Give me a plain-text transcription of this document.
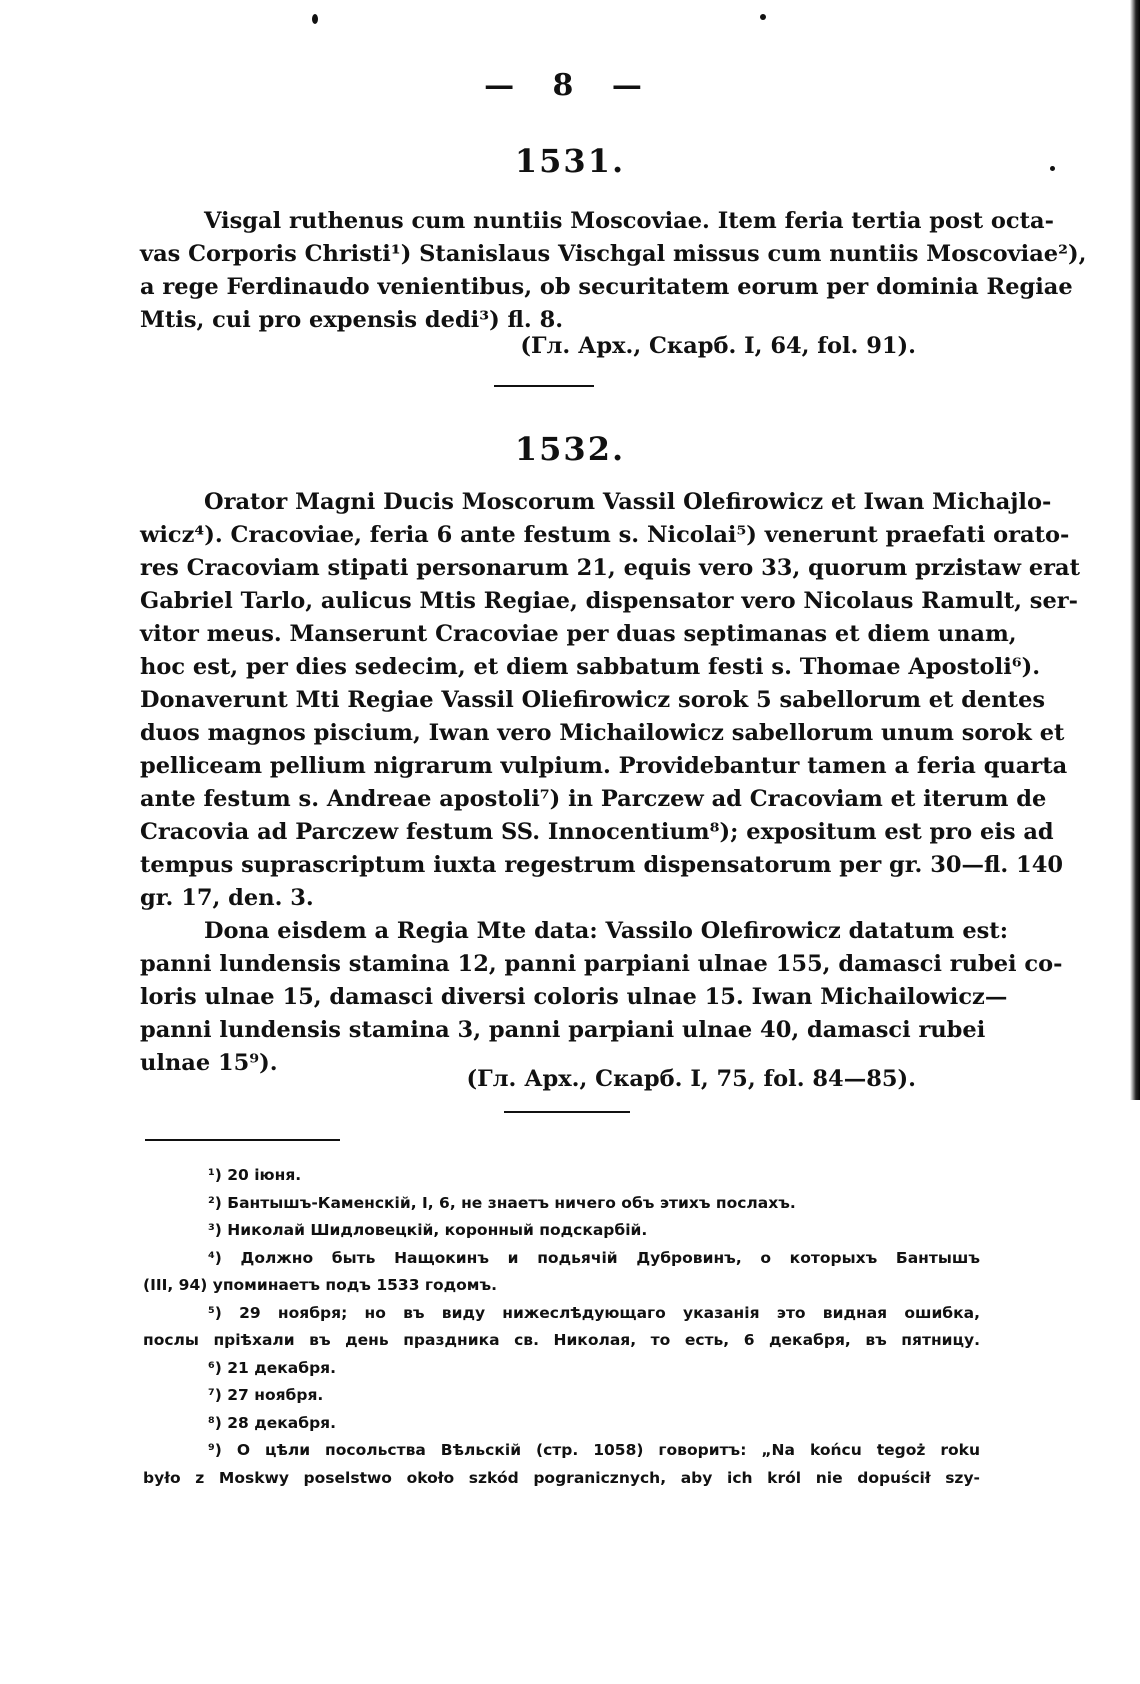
— 8 —
1531.
Visgal ruthenus cum nuntiis Moscoviae. Item feria tertia post octa-
vas Corporis Christi¹) Stanislaus Vischgal missus cum nuntiis Moscoviae²),
a rege Ferdinaudo venientibus, ob securitatem eorum per dominia Regiae
Mtis, cui pro expensis dedi³) fl. 8.
(Гл. Арх., Скарб. I, 64, fol. 91).
1532.
Orator Magni Ducis Moscorum Vassil Olefirowicz et Iwan Michajlo-
wicz⁴). Cracoviae, feria 6 ante festum s. Nicolai⁵) venerunt praefati orato-
res Cracoviam stipati personarum 21, equis vero 33, quorum przistaw erat
Gabriel Tarlo, aulicus Mtis Regiae, dispensator vero Nicolaus Ramult, ser-
vitor meus. Manserunt Cracoviae per duas septimanas et diem unam,
hoc est, per dies sedecim, et diem sabbatum festi s. Thomae Apostoli⁶).
Donaverunt Mti Regiae Vassil Oliefirowicz sorok 5 sabellorum et dentes
duos magnos piscium, Iwan vero Michailowicz sabellorum unum sorok et
pelliceam pellium nigrarum vulpium. Providebantur tamen a feria quarta
ante festum s. Andreae apostoli⁷) in Parczew ad Cracoviam et iterum de
Cracovia ad Parczew festum SS. Innocentium⁸); expositum est pro eis ad
tempus suprascriptum iuxta regestrum dispensatorum per gr. 30—fl. 140
gr. 17, den. 3.
Dona eisdem a Regia Mte data: Vassilo Olefirowicz datatum est:
panni lundensis stamina 12, panni parpiani ulnae 155, damasci rubei co-
loris ulnae 15, damasci diversi coloris ulnae 15. Iwan Michailowicz—
panni lundensis stamina 3, panni parpiani ulnae 40, damasci rubei
ulnae 15⁹).
(Гл. Арх., Скарб. I, 75, fol. 84—85).
¹) 20 іюня.
²) Бантышъ-Каменскій, I, 6, не знаетъ ничего объ этихъ послахъ.
³) Николай Шидловецкій, коронный подскарбій.
⁴) Должно быть Нащокинъ и подьячій Дубровинъ, о которыхъ Бантышъ
(III, 94) упоминаетъ подъ 1533 годомъ.
⁵) 29 ноября; но въ виду нижеслѣдующаго указанія это видная ошибка,
послы пріѣхали въ день праздника св. Николая, то есть, 6 декабря, въ пятницу.
⁶) 21 декабря.
⁷) 27 ноября.
⁸) 28 декабря.
⁹) О цѣли посольства Вѣльскій (стр. 1058) говоритъ: „Na końcu tegoż roku
było z Moskwy poselstwo około szkód pogranicznych, aby ich król nie dopuścił szy-
